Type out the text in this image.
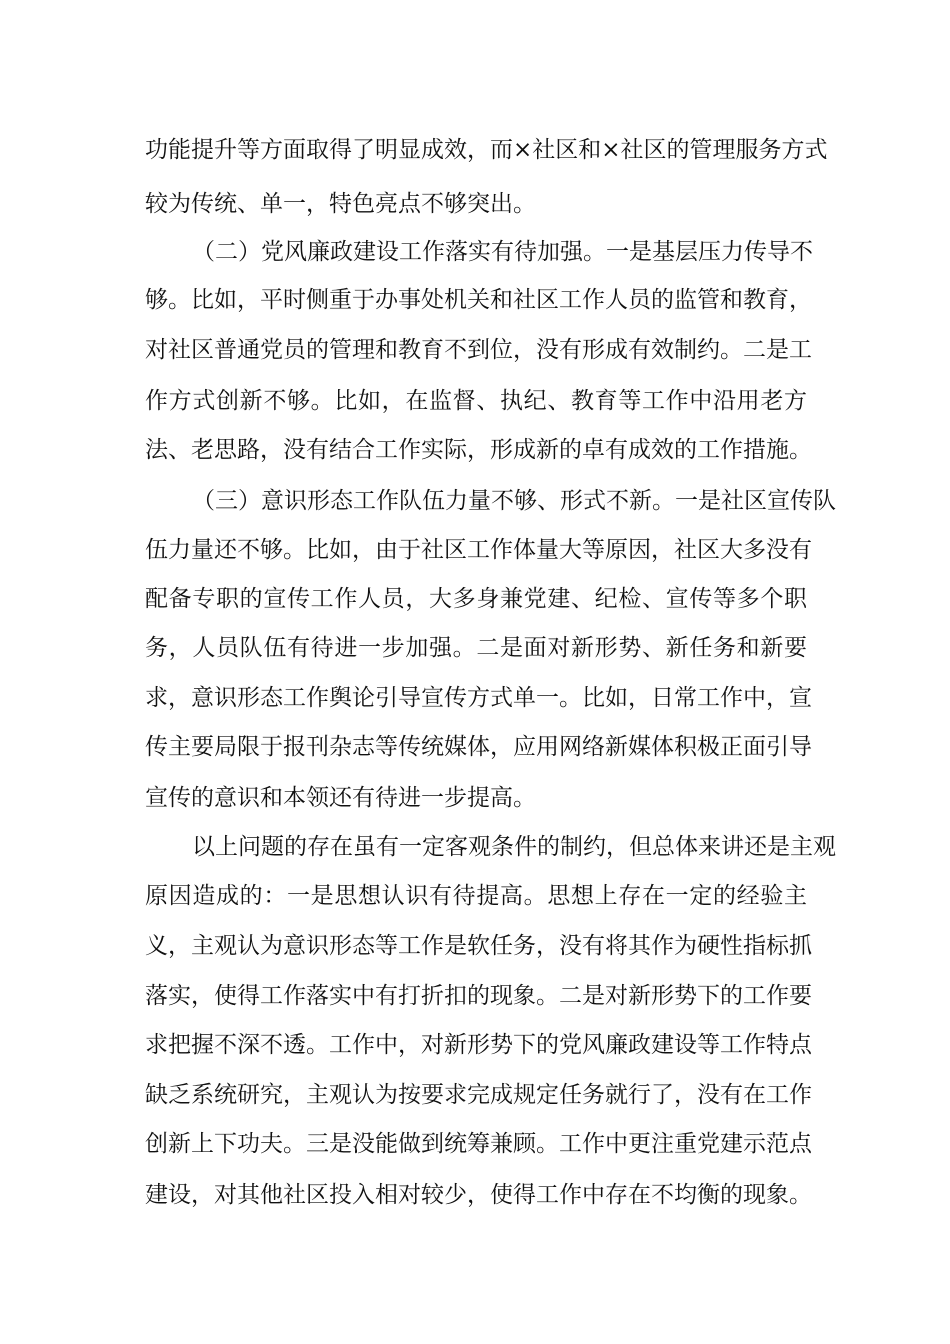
功能提升等方面取得了明显成效，而×社区和×社区的管理服务方式
较为传统、单一，特色亮点不够突出。
（二）党风廉政建设工作落实有待加强。一是基层压力传导不
够。比如，平时侧重于办事处机关和社区工作人员的监管和教育，
对社区普通党员的管理和教育不到位，没有形成有效制约。二是工
作方式创新不够。比如，在监督、执纪、教育等工作中沿用老方
法、老思路，没有结合工作实际，形成新的卓有成效的工作措施。
（三）意识形态工作队伍力量不够、形式不新。一是社区宣传队
伍力量还不够。比如，由于社区工作体量大等原因，社区大多没有
配备专职的宣传工作人员，大多身兼党建、纪检、宣传等多个职
务，人员队伍有待进一步加强。二是面对新形势、新任务和新要
求，意识形态工作舆论引导宣传方式单一。比如，日常工作中，宣
传主要局限于报刊杂志等传统媒体，应用网络新媒体积极正面引导
宣传的意识和本领还有待进一步提高。
以上问题的存在虽有一定客观条件的制约，但总体来讲还是主观
原因造成的：一是思想认识有待提高。思想上存在一定的经验主
义，主观认为意识形态等工作是软任务，没有将其作为硬性指标抓
落实，使得工作落实中有打折扣的现象。二是对新形势下的工作要
求把握不深不透。工作中，对新形势下的党风廉政建设等工作特点
缺乏系统研究，主观认为按要求完成规定任务就行了，没有在工作
创新上下功夫。三是没能做到统筹兼顾。工作中更注重党建示范点
建设，对其他社区投入相对较少，使得工作中存在不均衡的现象。
